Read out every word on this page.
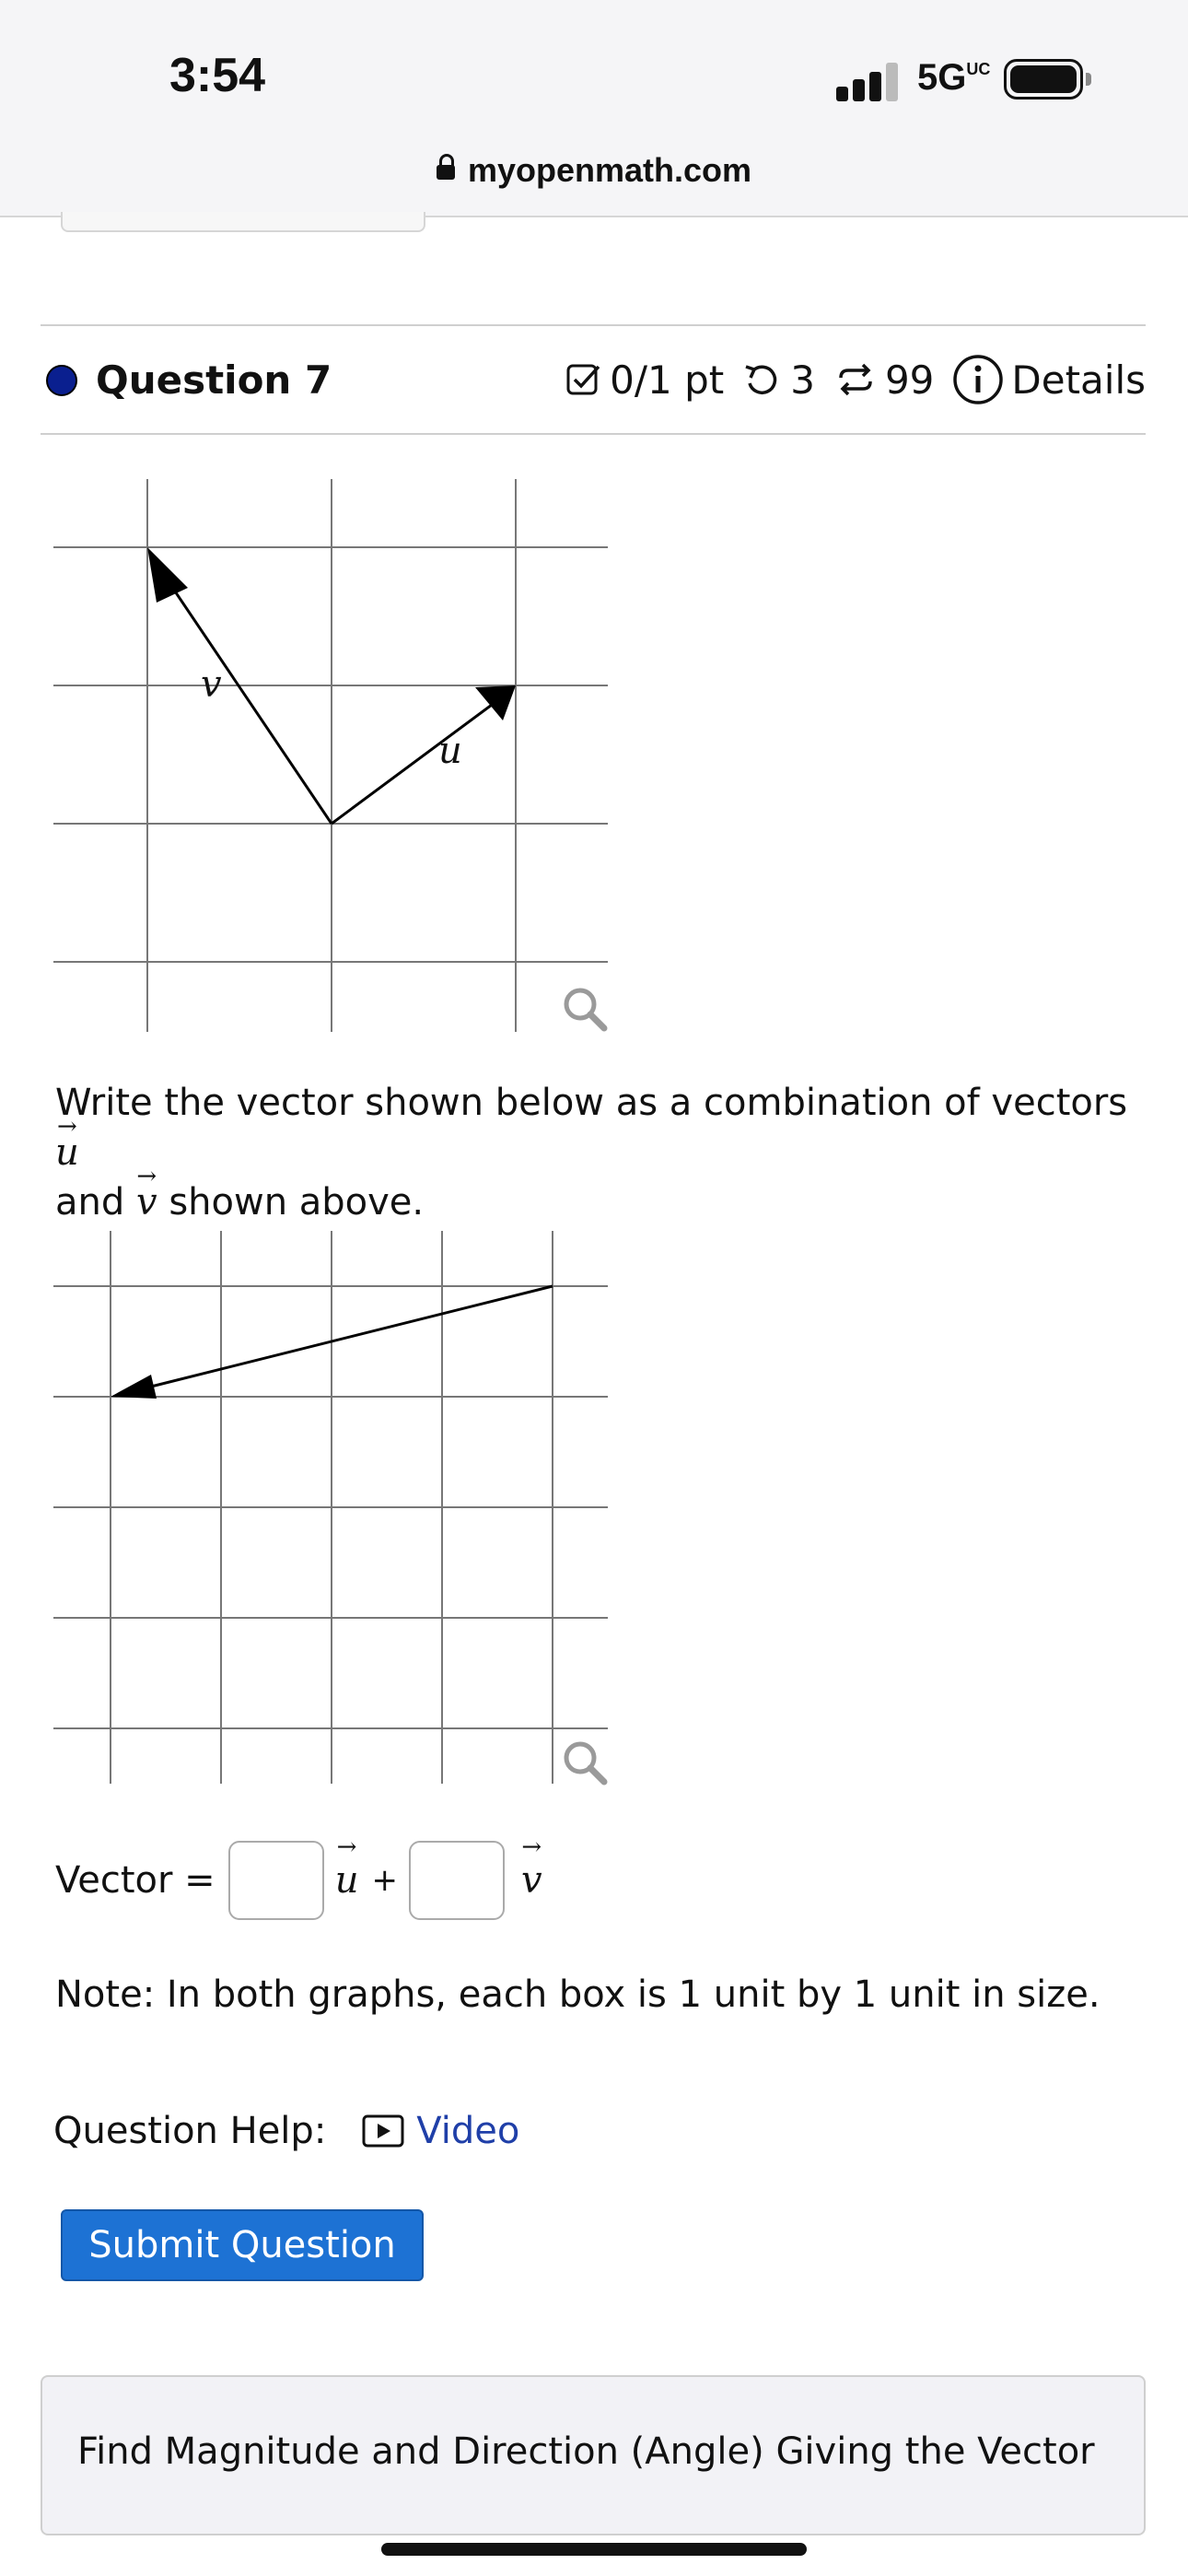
3:54	5GUC
myopenmath.com
Question 7	0/1 pt 3 99 Details
v
u
Write the vector shown below as a combination of vectors → u
and → v shown above.
Vector =	→ u +	→ v
Note: In both graphs, each box is 1 unit by 1 unit in size.
Question Help: Video
Submit Question
Find Magnitude and Direction (Angle) Giving the Vector
